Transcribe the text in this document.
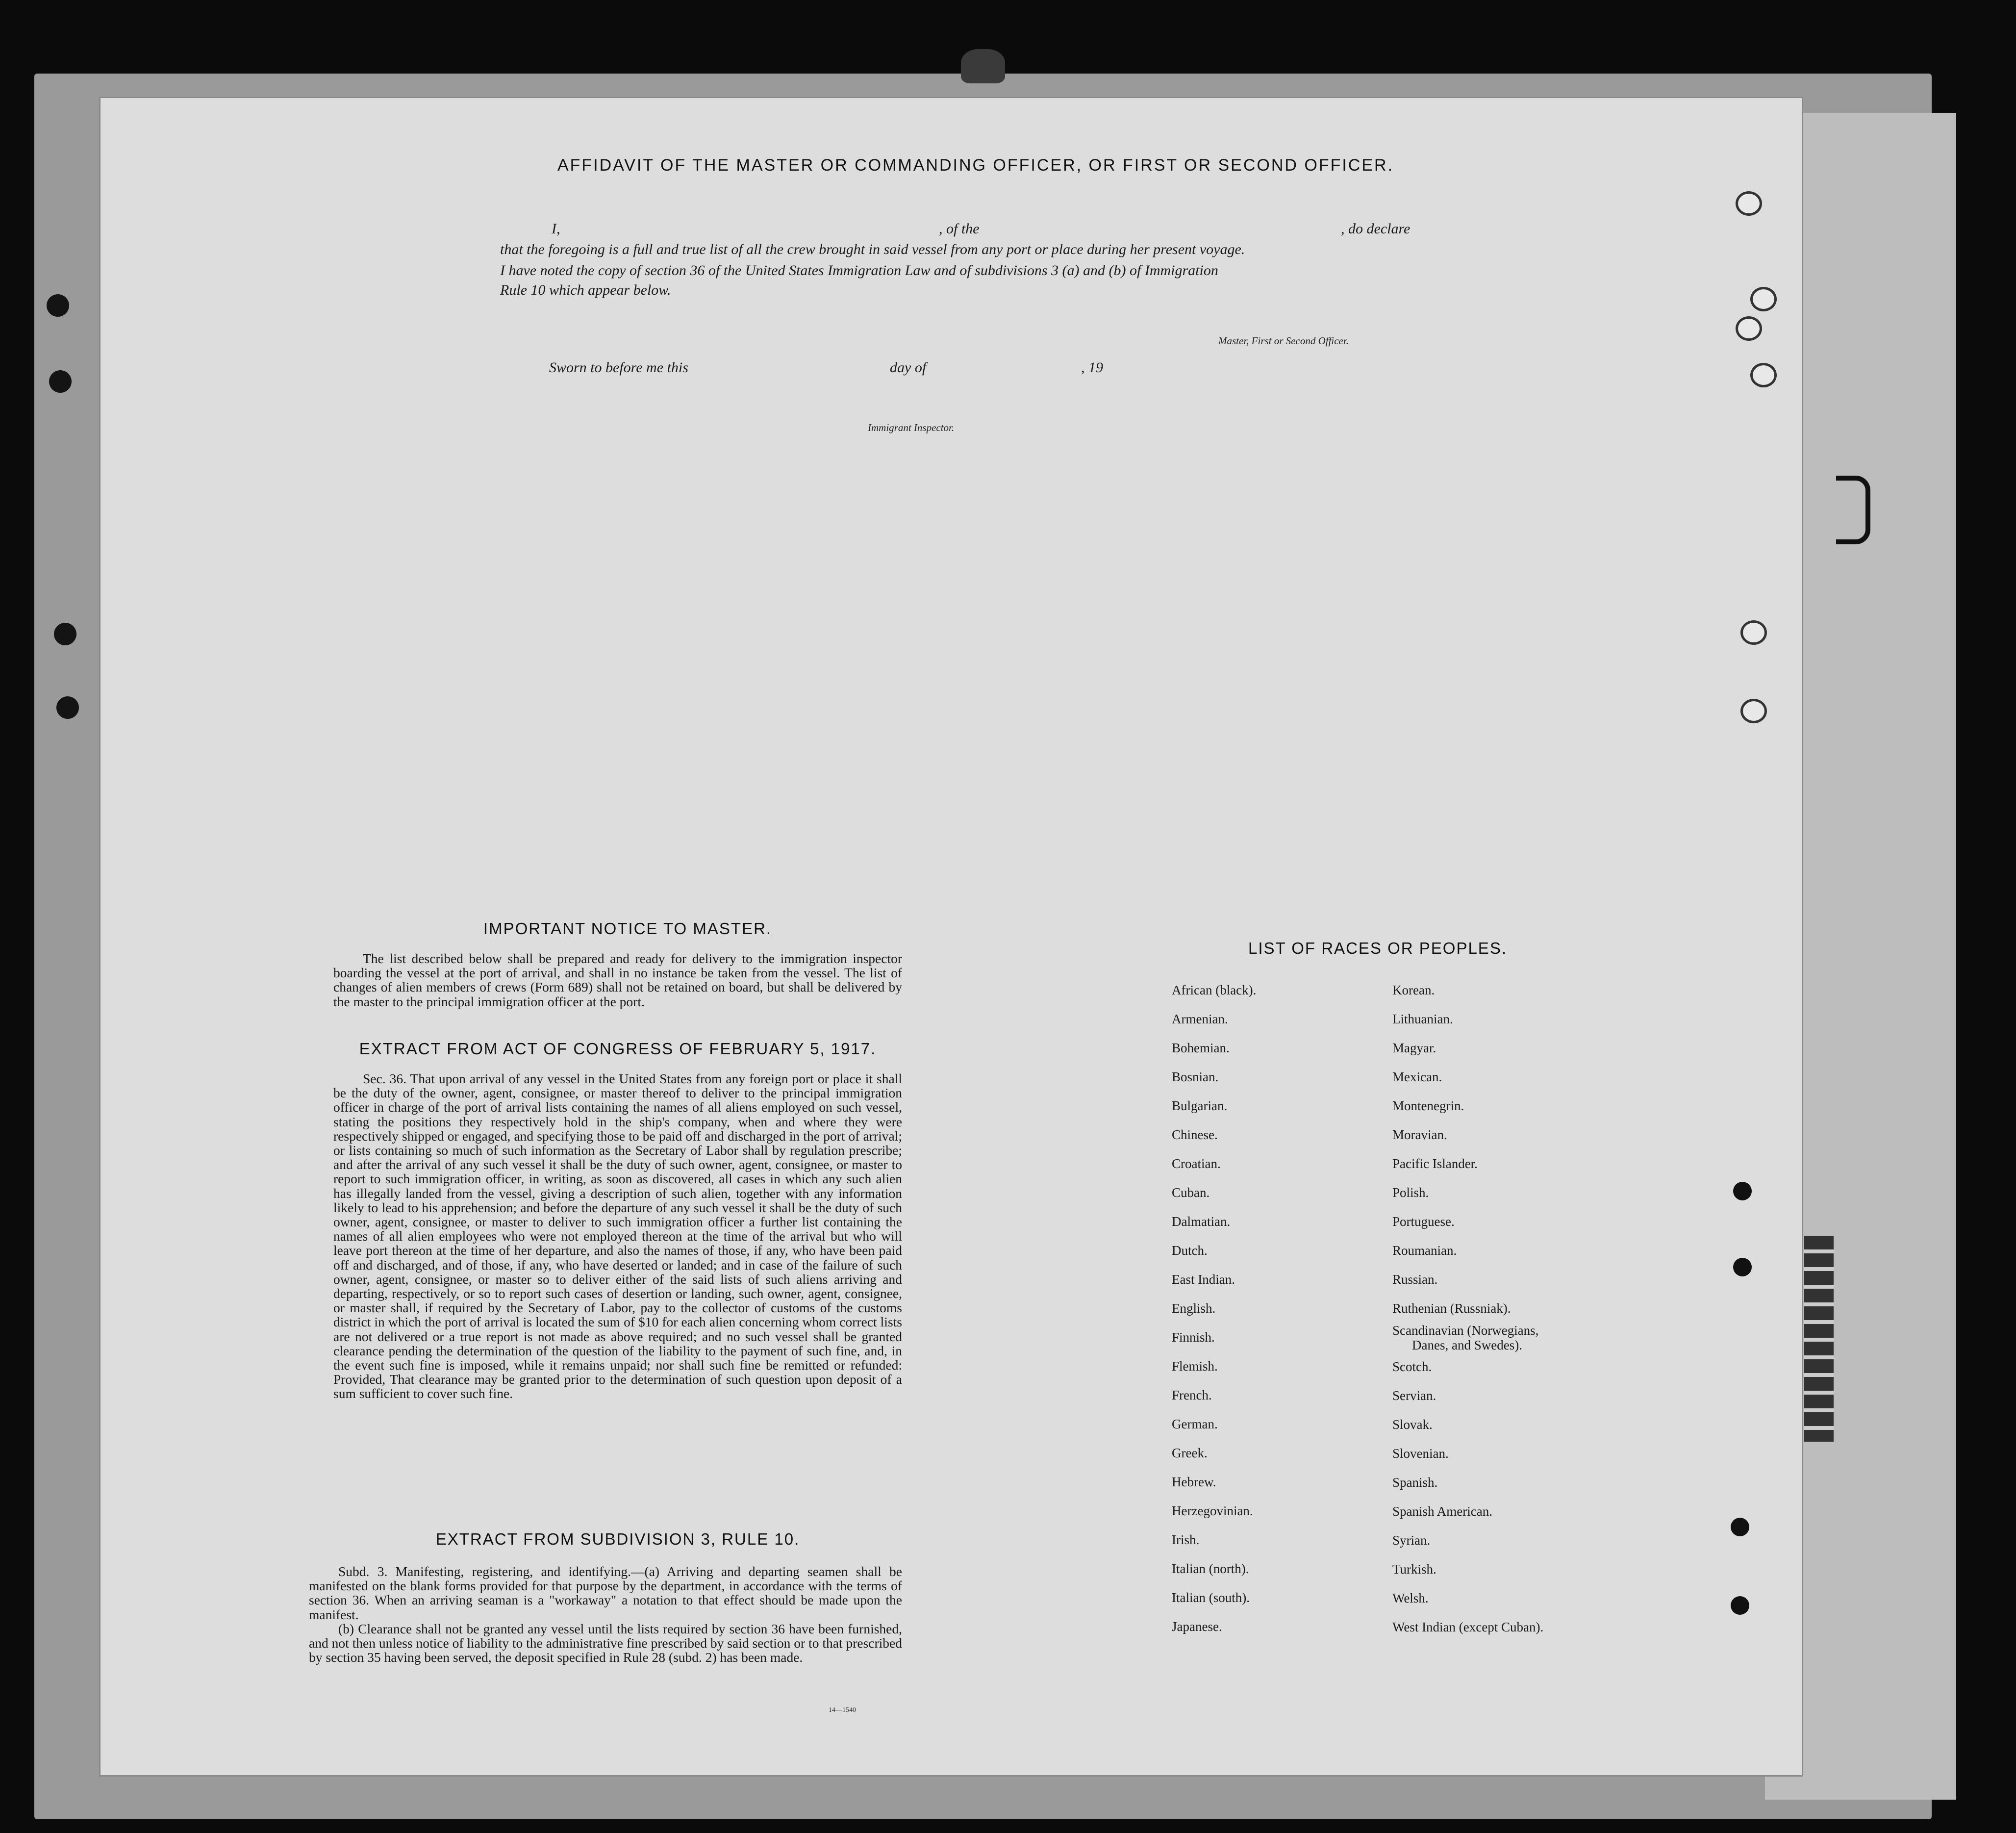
AFFIDAVIT OF THE MASTER OR COMMANDING OFFICER, OR FIRST OR SECOND OFFICER.
I,	, of the	, do declare
that the foregoing is a full and true list of all the crew brought in said vessel from any port or place during her present voyage.
I have noted the copy of section 36 of the United States Immigration Law and of subdivisions 3 (a) and (b) of Immigration
Rule 10 which appear below.
Master, First or Second Officer.
Sworn to before me this	day of	, 19
Immigrant Inspector.
IMPORTANT NOTICE TO MASTER.

The list described below shall be prepared and ready for delivery to the immigration inspector boarding the vessel at the port of arrival, and shall in no instance be taken from the vessel. The list of changes of alien members of crews (Form 689) shall not be retained on board, but shall be delivered by the master to the principal immigration officer at the port.

EXTRACT FROM ACT OF CONGRESS OF FEBRUARY 5, 1917.

Sec. 36. That upon arrival of any vessel in the United States from any foreign port or place it shall be the duty of the owner, agent, consignee, or master thereof to deliver to the principal immigration officer in charge of the port of arrival lists containing the names of all aliens employed on such vessel, stating the positions they respectively hold in the ship's company, when and where they were respectively shipped or engaged, and specifying those to be paid off and discharged in the port of arrival; or lists containing so much of such information as the Secretary of Labor shall by regulation prescribe; and after the arrival of any such vessel it shall be the duty of such owner, agent, consignee, or master to report to such immigration officer, in writing, as soon as discovered, all cases in which any such alien has illegally landed from the vessel, giving a description of such alien, together with any information likely to lead to his apprehension; and before the departure of any such vessel it shall be the duty of such owner, agent, consignee, or master to deliver to such immigration officer a further list containing the names of all alien employees who were not employed thereon at the time of the arrival but who will leave port thereon at the time of her departure, and also the names of those, if any, who have been paid off and discharged, and of those, if any, who have deserted or landed; and in case of the failure of such owner, agent, consignee, or master so to deliver either of the said lists of such aliens arriving and departing, respectively, or so to report such cases of desertion or landing, such owner, agent, consignee, or master shall, if required by the Secretary of Labor, pay to the collector of customs of the customs district in which the port of arrival is located the sum of $10 for each alien concerning whom correct lists are not delivered or a true report is not made as above required; and no such vessel shall be granted clearance pending the determination of the question of the liability to the payment of such fine, and, in the event such fine is imposed, while it remains unpaid; nor shall such fine be remitted or refunded: Provided, That clearance may be granted prior to the determination of such question upon deposit of a sum sufficient to cover such fine.

EXTRACT FROM SUBDIVISION 3, RULE 10.

Subd. 3. Manifesting, registering, and identifying.—(a) Arriving and departing seamen shall be manifested on the blank forms provided for that purpose by the department, in accordance with the terms of section 36. When an arriving seaman is a "workaway" a notation to that effect should be made upon the manifest.

(b) Clearance shall not be granted any vessel until the lists required by section 36 have been furnished, and not then unless notice of liability to the administrative fine prescribed by said section or to that prescribed by section 35 having been served, the deposit specified in Rule 28 (subd. 2) has been made.

14—1540
LIST OF RACES OR PEOPLES.
African (black).
Armenian.
Bohemian.
Bosnian.
Bulgarian.
Chinese.
Croatian.
Cuban.
Dalmatian.
Dutch.
East Indian.
English.
Finnish.
Flemish.
French.
German.
Greek.
Hebrew.
Herzegovinian.
Irish.
Italian (north).
Italian (south).
Japanese.
Korean.
Lithuanian.
Magyar.
Mexican.
Montenegrin.
Moravian.
Pacific Islander.
Polish.
Portuguese.
Roumanian.
Russian.
Ruthenian (Russniak).
Scandinavian (Norwegians,
Danes, and Swedes).
Scotch.
Servian.
Slovak.
Slovenian.
Spanish.
Spanish American.
Syrian.
Turkish.
Welsh.
West Indian (except Cuban).
